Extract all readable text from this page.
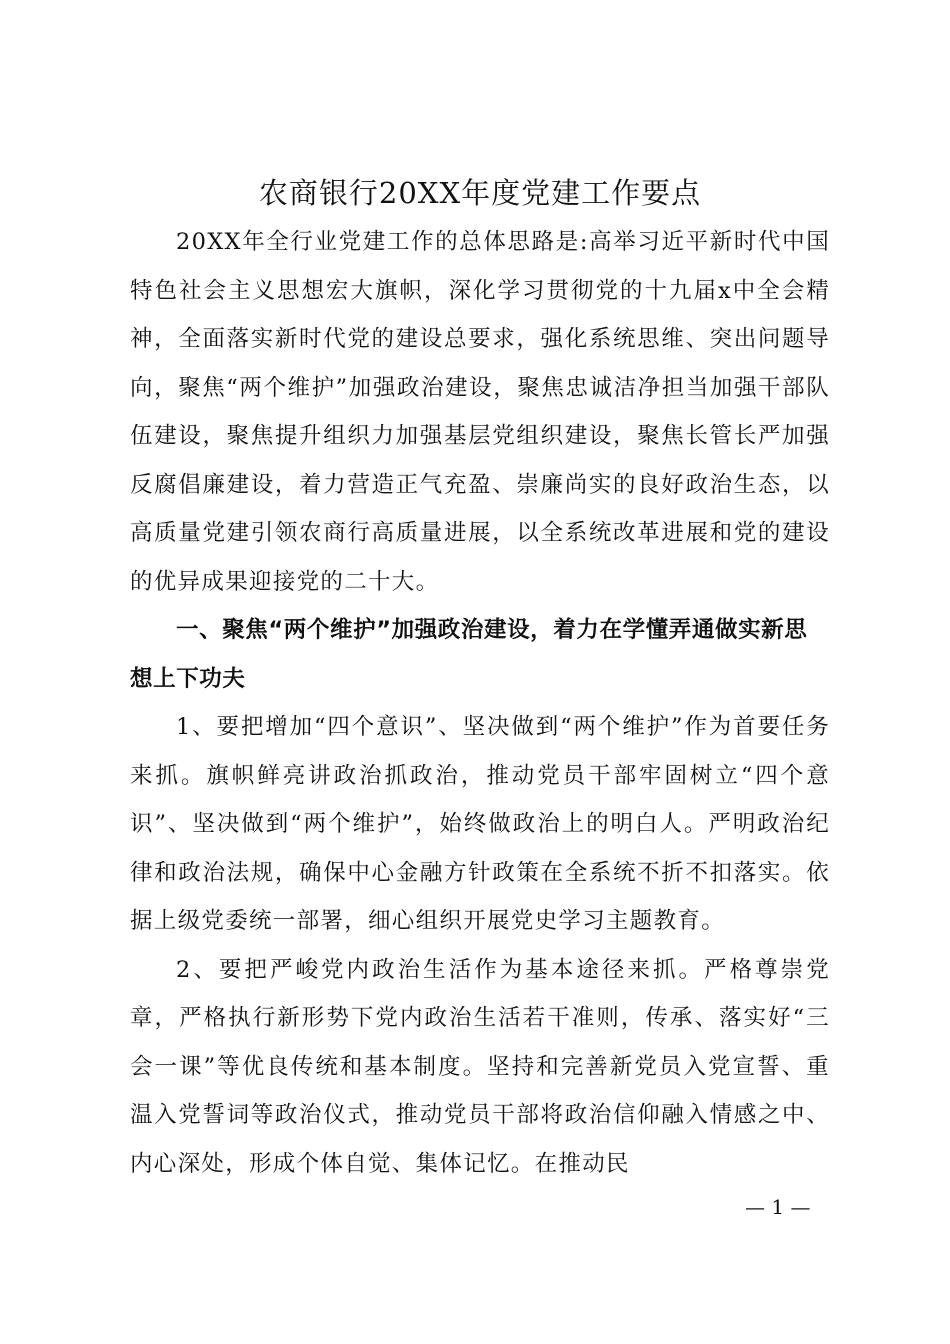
农商银行20XX年度党建工作要点

20XX年全行业党建工作的总体思路是:高举习近平新时代中国特色社会主义思想宏大旗帜，深化学习贯彻党的十九届x中全会精神，全面落实新时代党的建设总要求，强化系统思维、突出问题导向，聚焦“两个维护”加强政治建设，聚焦忠诚洁净担当加强干部队伍建设，聚焦提升组织力加强基层党组织建设，聚焦长管长严加强反腐倡廉建设，着力营造正气充盈、崇廉尚实的良好政治生态，以高质量党建引领农商行高质量进展，以全系统改革进展和党的建设的优异成果迎接党的二十大。

一、聚焦“两个维护”加强政治建设，着力在学懂弄通做实新思想上下功夫

1、要把增加“四个意识”、坚决做到“两个维护”作为首要任务来抓。旗帜鲜亮讲政治抓政治，推动党员干部牢固树立“四个意识”、坚决做到“两个维护”，始终做政治上的明白人。严明政治纪律和政治法规，确保中心金融方针政策在全系统不折不扣落实。依据上级党委统一部署，细心组织开展党史学习主题教育。

2、要把严峻党内政治生活作为基本途径来抓。严格尊崇党章，严格执行新形势下党内政治生活若干准则，传承、落实好“三会一课”等优良传统和基本制度。坚持和完善新党员入党宣誓、重温入党誓词等政治仪式，推动党员干部将政治信仰融入情感之中、内心深处，形成个体自觉、集体记忆。在推动民

— 1 —
